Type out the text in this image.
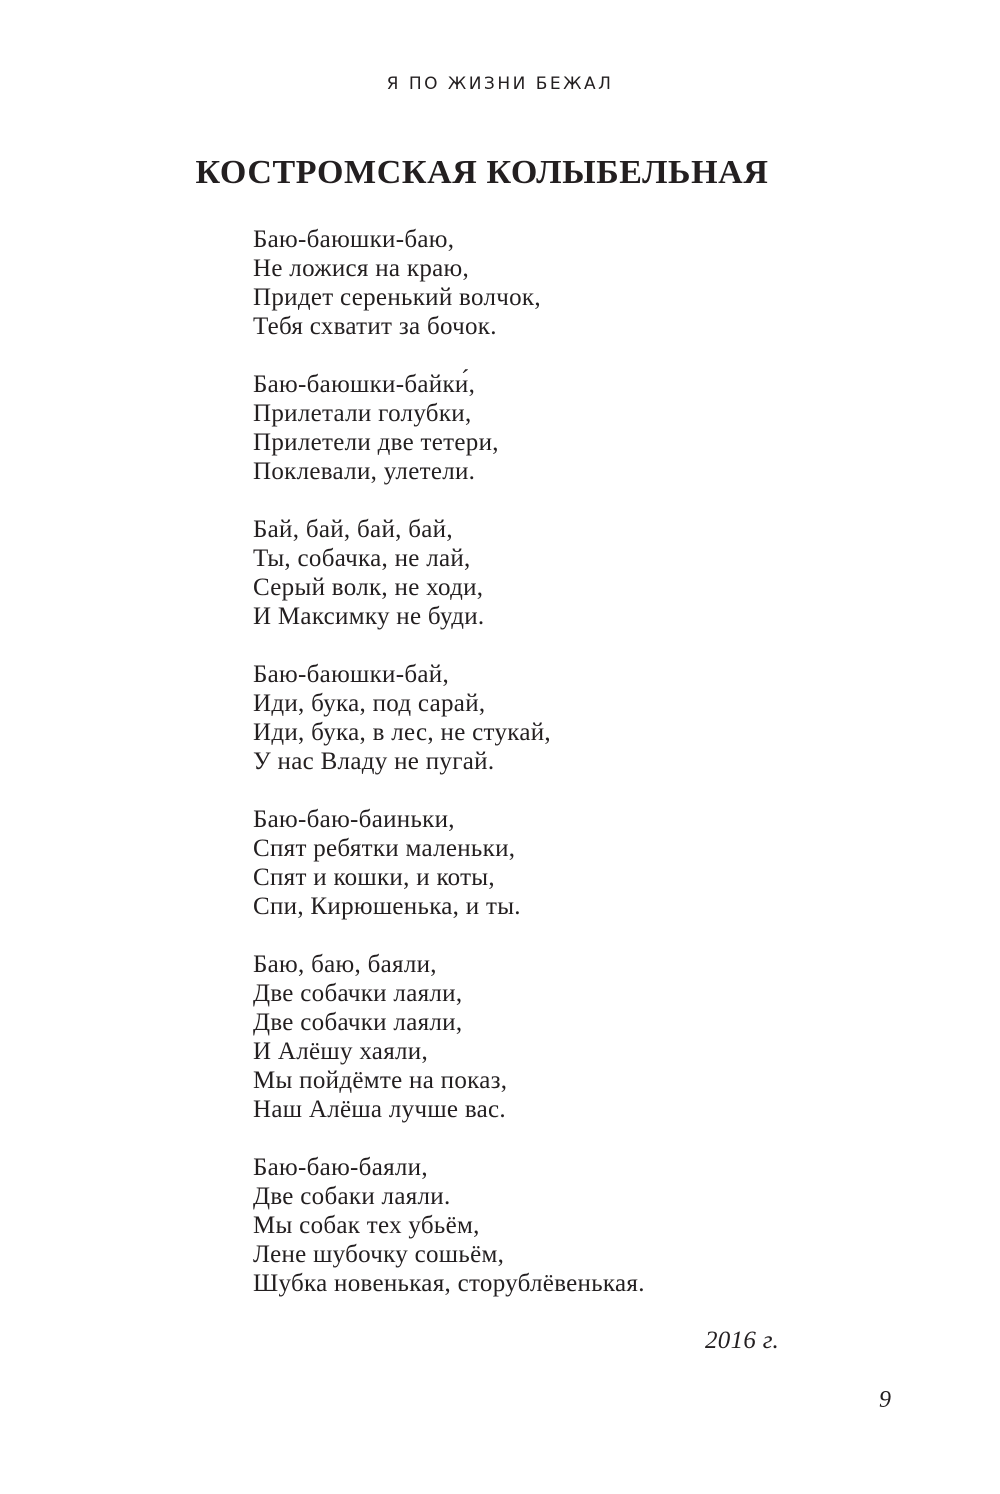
Я ПО ЖИЗНИ БЕЖАЛ
КОСТРОМСКАЯ КОЛЫБЕЛЬНАЯ
Баю-баюшки-баю,
Не ложися на краю,
Придет серенький волчок,
Тебя схватит за бочок.
Баю-баюшки-байки́,
Прилетали голубки,
Прилетели две тетери,
Поклевали, улетели.
Бай, бай, бай, бай,
Ты, собачка, не лай,
Серый волк, не ходи,
И Максимку не буди.
Баю-баюшки-бай,
Иди, бука, под сарай,
Иди, бука, в лес, не стукай,
У нас Владу не пугай.
Баю-баю-баиньки,
Спят ребятки маленьки,
Спят и кошки, и коты,
Спи, Кирюшенька, и ты.
Баю, баю, баяли,
Две собачки лаяли,
Две собачки лаяли,
И Алёшу хаяли,
Мы пойдёмте на показ,
Наш Алёша лучше вас.
Баю-баю-баяли,
Две собаки лаяли.
Мы собак тех убьём,
Лене шубочку сошьём,
Шубка новенькая, сторублёвенькая.
2016 г.
9
